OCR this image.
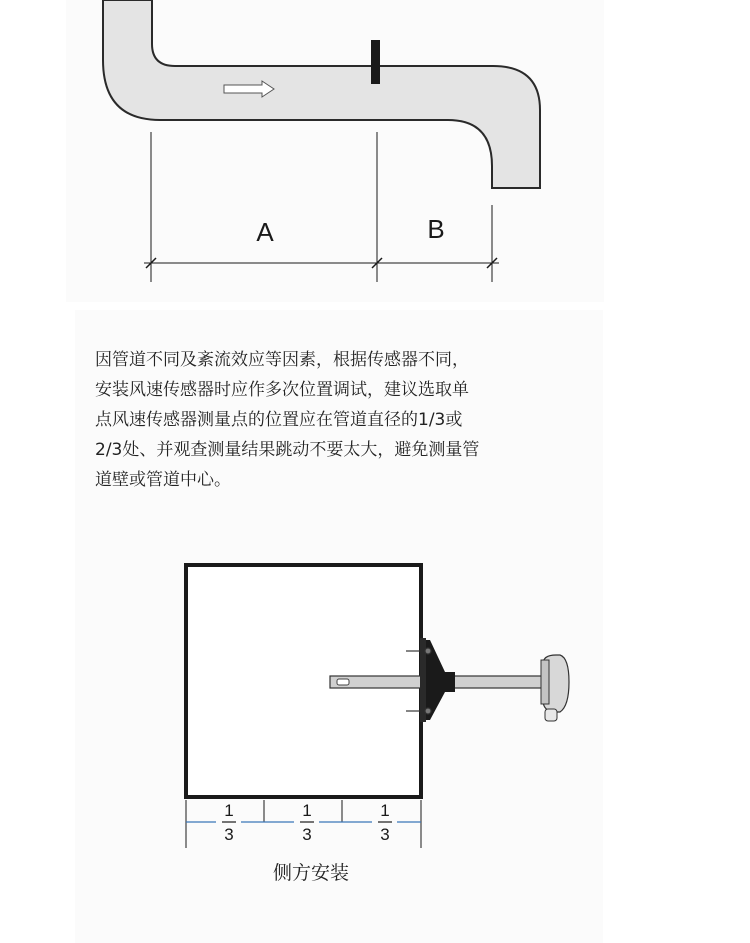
A	B
1
3
1
3
1
3
侧方安装
因管道不同及紊流效应等因素，根据传感器不同，
安装风速传感器时应作多次位置调试，建议选取单
点风速传感器测量点的位置应在管道直径的1/3或
2/3处、并观查测量结果跳动不要太大，避免测量管
道壁或管道中心。
